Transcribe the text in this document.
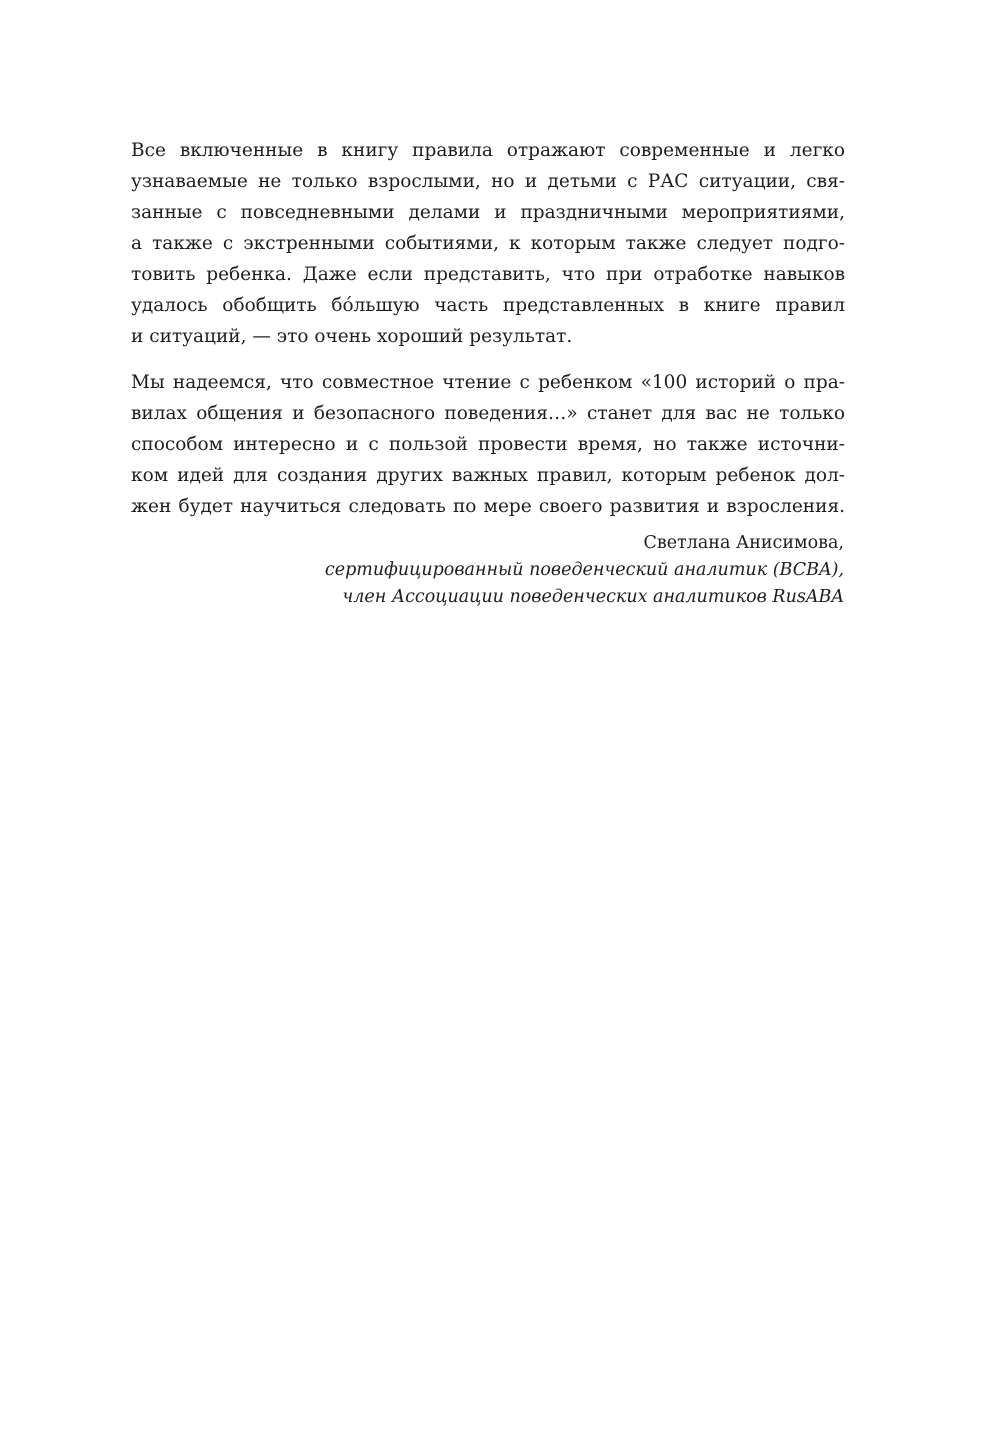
Все включенные в книгу правила отражают современные и легко
узнаваемые не только взрослыми, но и детьми с РАС ситуации, свя-
занные с повседневными делами и праздничными мероприятиями,
а также с экстренными событиями, к которым также следует подго-
товить ребенка. Даже если представить, что при отработке навыков
удалось обобщить бóльшую часть представленных в книге правил
и ситуаций, — это очень хороший результат.
Мы надеемся, что совместное чтение с ребенком «100 историй о пра-
вилах общения и безопасного поведения…» станет для вас не только
способом интересно и с пользой провести время, но также источни-
ком идей для создания других важных правил, которым ребенок дол-
жен будет научиться следовать по мере своего развития и взросления.
Светлана Анисимова,
сертифицированный поведенческий аналитик (BCBA),
член Ассоциации поведенческих аналитиков RusABA
